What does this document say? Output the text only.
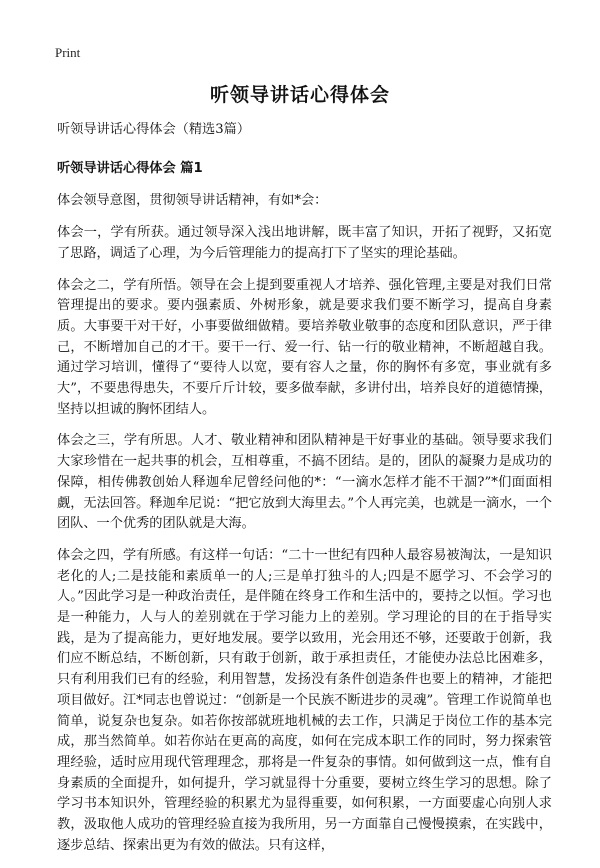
Print
听领导讲话心得体会

听领导讲话心得体会（精选3篇）

听领导讲话心得体会 篇1

体会领导意图，贯彻领导讲话精神，有如*会：

体会一，学有所获。通过领导深入浅出地讲解，既丰富了知识，开拓了视野，又拓宽了思路，调适了心理，为今后管理能力的提高打下了坚实的理论基础。

体会之二，学有所悟。领导在会上提到要重视人才培养、强化管理,主要是对我们日常管理提出的要求。要内强素质、外树形象，就是要求我们要不断学习，提高自身素质。大事要干对干好，小事要做细做精。要培养敬业敬事的态度和团队意识，严于律己，不断增加自己的才干。要干一行、爱一行、钻一行的敬业精神，不断超越自我。通过学习培训，懂得了“要待人以宽，要有容人之量，你的胸怀有多宽，事业就有多大”，不要患得患失，不要斤斤计较，要多做奉献，多讲付出，培养良好的道德情操，坚持以担诚的胸怀团结人。

体会之三，学有所思。人才、敬业精神和团队精神是干好事业的基础。领导要求我们大家珍惜在一起共事的机会，互相尊重，不搞不团结。是的，团队的凝聚力是成功的保障，相传佛教创始人释迦牟尼曾经问他的*：“一滴水怎样才能不干涸?”*们面面相觑，无法回答。释迦牟尼说：“把它放到大海里去。”个人再完美，也就是一滴水，一个团队、一个优秀的团队就是大海。

体会之四，学有所感。有这样一句话：“二十一世纪有四种人最容易被淘汰，一是知识老化的人;二是技能和素质单一的人;三是单打独斗的人;四是不愿学习、不会学习的人。”因此学习是一种政治责任，是伴随在终身工作和生活中的，要持之以恒。学习也是一种能力，人与人的差别就在于学习能力上的差别。学习理论的目的在于指导实践，是为了提高能力，更好地发展。要学以致用，光会用还不够，还要敢于创新，我们应不断总结，不断创新，只有敢于创新，敢于承担责任，才能使办法总比困难多，只有利用我们已有的经验，利用智慧，发扬没有条件创造条件也要上的精神，才能把项目做好。江*同志也曾说过：“创新是一个民族不断进步的灵魂”。管理工作说简单也简单，说复杂也复杂。如若你按部就班地机械的去工作，只满足于岗位工作的基本完成，那当然简单。如若你站在更高的高度，如何在完成本职工作的同时，努力探索管理经验，适时应用现代管理理念，那将是一件复杂的事情。如何做到这一点，惟有自身素质的全面提升，如何提升，学习就显得十分重要，要树立终生学习的思想。除了学习书本知识外，管理经验的积累尤为显得重要，如何积累，一方面要虚心向别人求教，汲取他人成功的管理经验直接为我所用，另一方面靠自己慢慢摸索，在实践中，逐步总结、探索出更为有效的做法。只有这样，
